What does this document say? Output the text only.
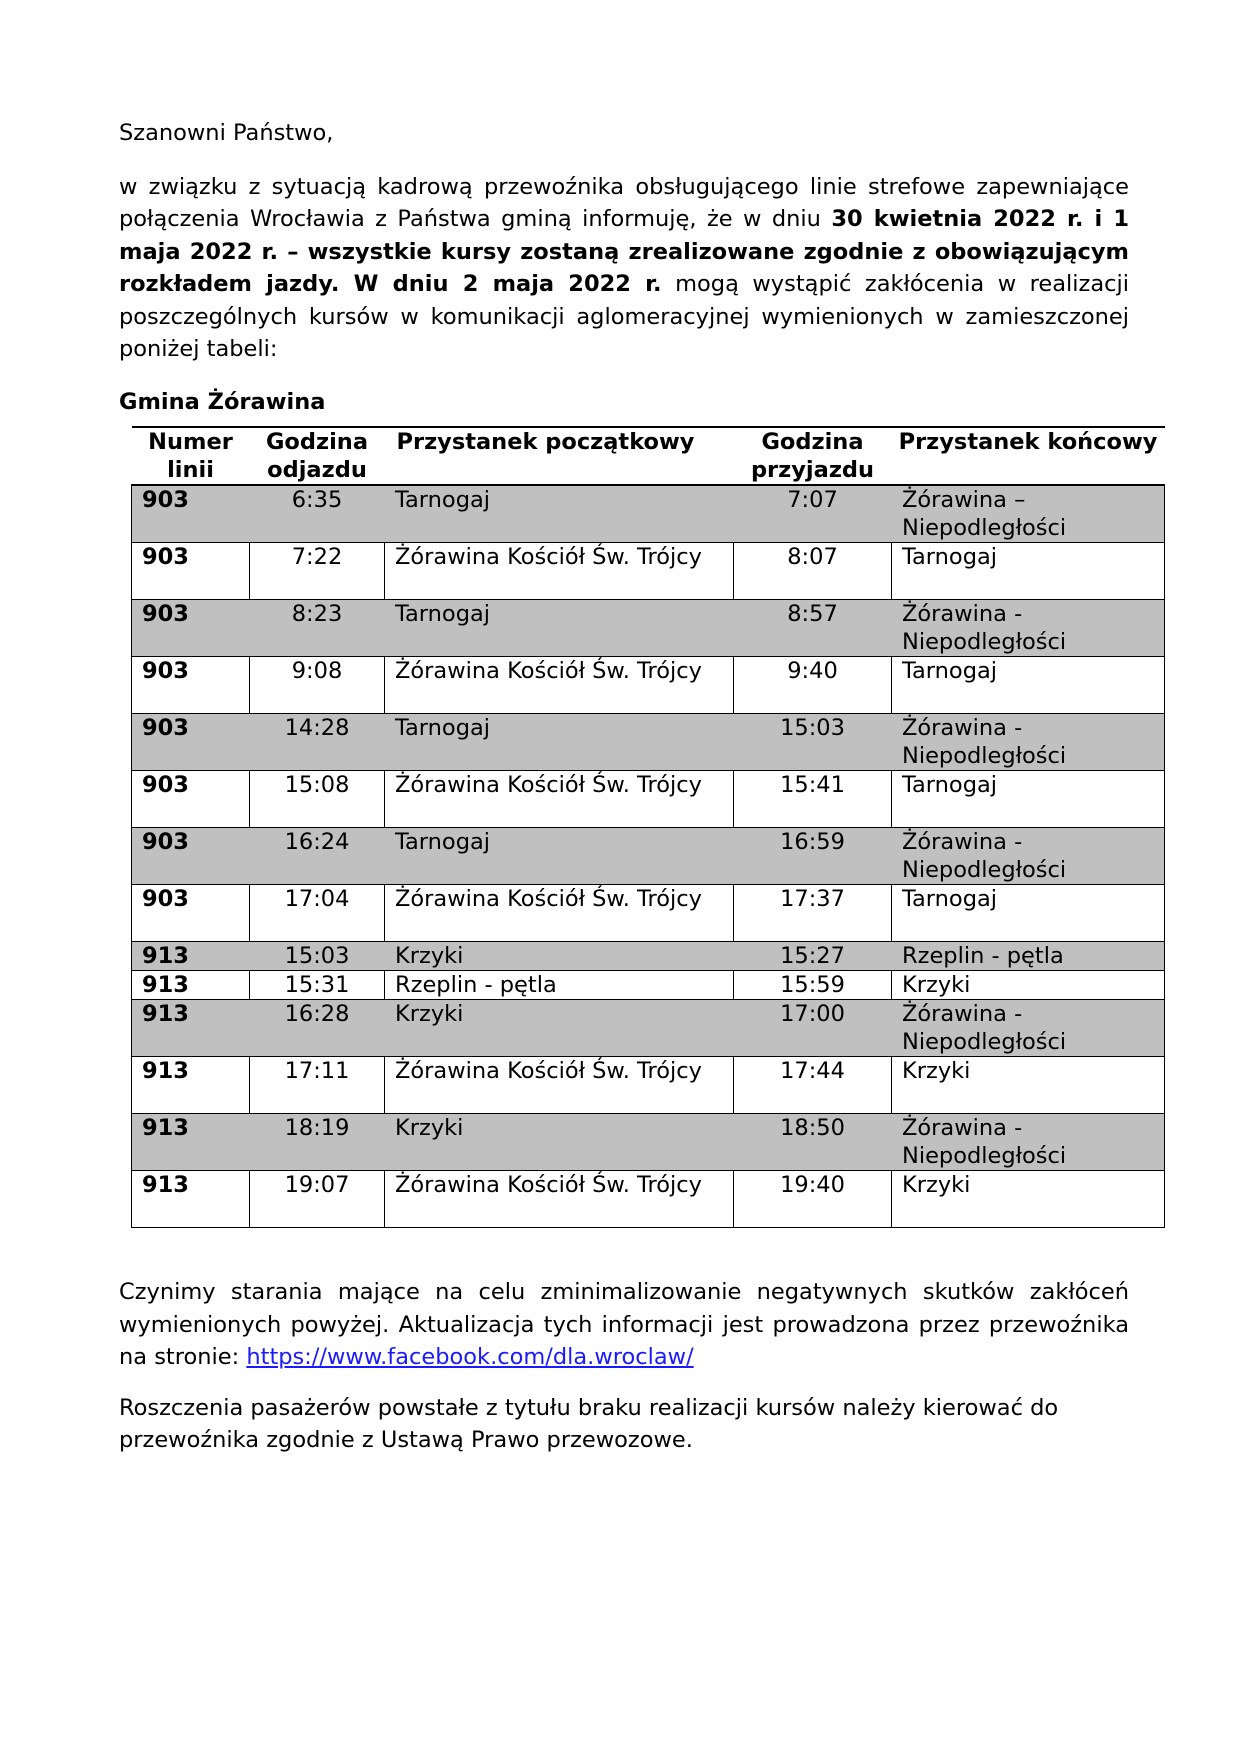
Szanowni Państwo,

w związku z sytuacją kadrową przewoźnika obsługującego linie strefowe zapewniające połączenia Wrocławia z Państwa gminą informuję, że w dniu 30 kwietnia 2022 r. i 1 maja 2022 r. – wszystkie kursy zostaną zrealizowane zgodnie z obowiązującym rozkładem jazdy. W dniu 2 maja 2022 r. mogą wystąpić zakłócenia w realizacji poszczególnych kursów w komunikacji aglomeracyjnej wymienionych w zamieszczonej poniżej tabeli:

Gmina Żórawina

Numer linii	Godzina odjazdu	Przystanek początkowy	Godzina przyjazdu	Przystanek końcowy
903	6:35	Tarnogaj	7:07	Żórawina – Niepodległości
903	7:22	Żórawina Kościół Św. Trójcy	8:07	Tarnogaj
903	8:23	Tarnogaj	8:57	Żórawina - Niepodległości
903	9:08	Żórawina Kościół Św. Trójcy	9:40	Tarnogaj
903	14:28	Tarnogaj	15:03	Żórawina - Niepodległości
903	15:08	Żórawina Kościół Św. Trójcy	15:41	Tarnogaj
903	16:24	Tarnogaj	16:59	Żórawina - Niepodległości
903	17:04	Żórawina Kościół Św. Trójcy	17:37	Tarnogaj
913	15:03	Krzyki	15:27	Rzeplin - pętla
913	15:31	Rzeplin - pętla	15:59	Krzyki
913	16:28	Krzyki	17:00	Żórawina - Niepodległości
913	17:11	Żórawina Kościół Św. Trójcy	17:44	Krzyki
913	18:19	Krzyki	18:50	Żórawina - Niepodległości
913	19:07	Żórawina Kościół Św. Trójcy	19:40	Krzyki

Czynimy starania mające na celu zminimalizowanie negatywnych skutków zakłóceń wymienionych powyżej. Aktualizacja tych informacji jest prowadzona przez przewoźnika na stronie: https://www.facebook.com/dla.wroclaw/

Roszczenia pasażerów powstałe z tytułu braku realizacji kursów należy kierować do przewoźnika zgodnie z Ustawą Prawo przewozowe.
